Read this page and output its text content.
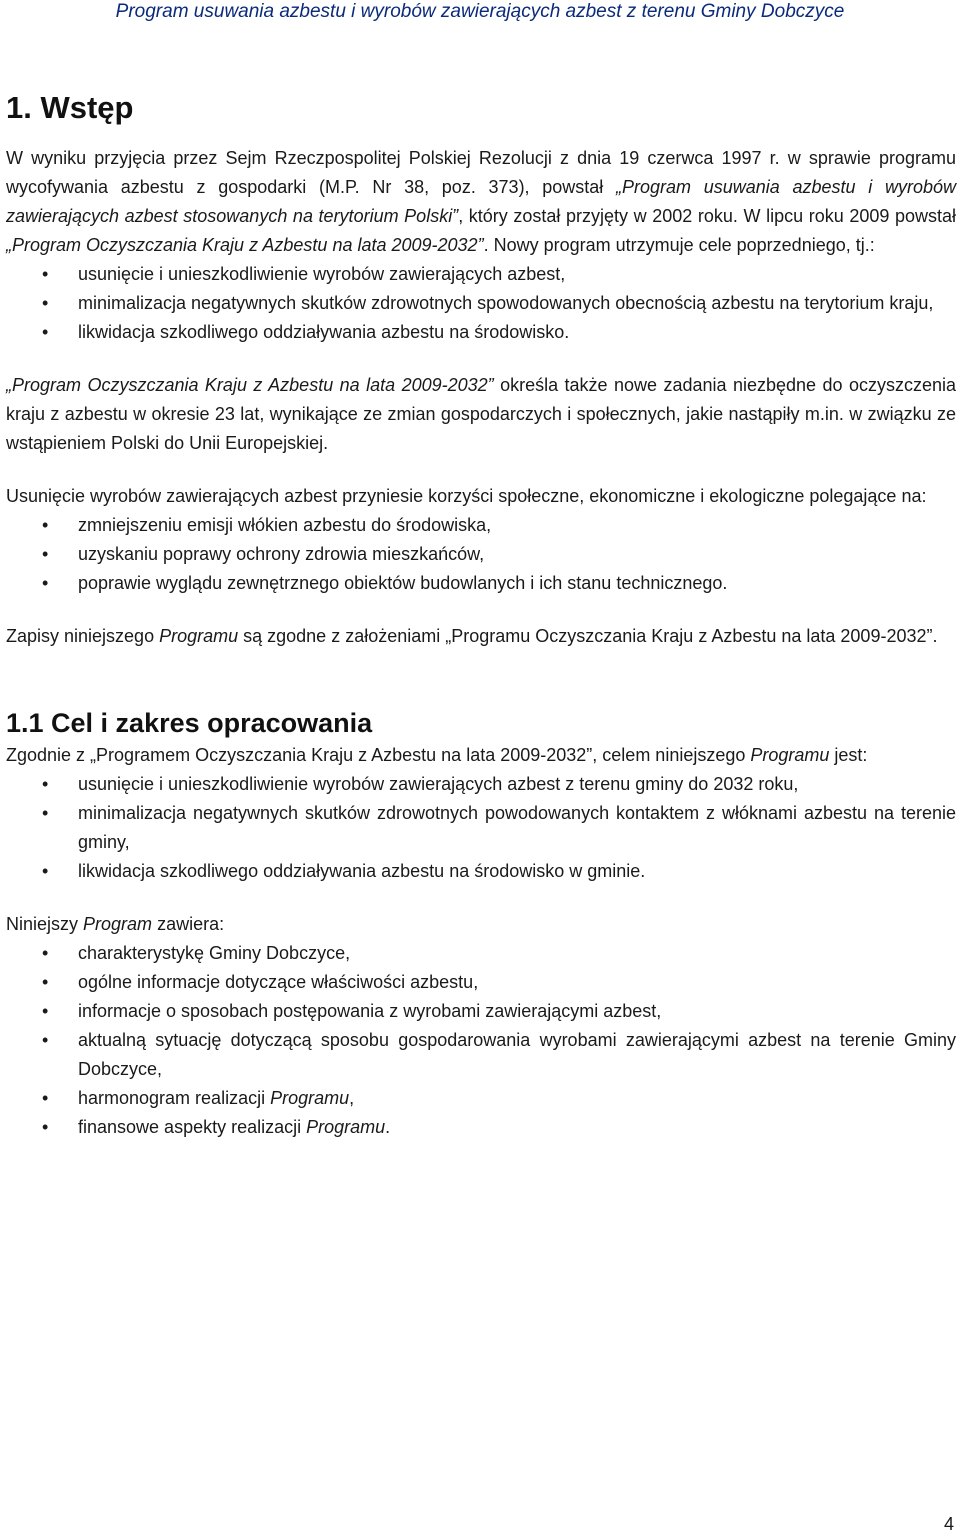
Program usuwania azbestu i wyrobów zawierających azbest z terenu Gminy Dobczyce
1. Wstęp

W wyniku przyjęcia przez Sejm Rzeczpospolitej Polskiej Rezolucji z dnia 19 czerwca 1997 r. w sprawie programu wycofywania azbestu z gospodarki (M.P. Nr 38, poz. 373), powstał „Program usuwania azbestu i wyrobów zawierających azbest stosowanych na terytorium Polski”, który został przyjęty w 2002 roku. W lipcu roku 2009 powstał „Program Oczyszczania Kraju z Azbestu na lata 2009-2032”. Nowy program utrzymuje cele poprzedniego, tj.:

• usunięcie i unieszkodliwienie wyrobów zawierających azbest,
• minimalizacja negatywnych skutków zdrowotnych spowodowanych obecnością azbestu na terytorium kraju,
• likwidacja szkodliwego oddziaływania azbestu na środowisko.

„Program Oczyszczania Kraju z Azbestu na lata 2009-2032” określa także nowe zadania niezbędne do oczyszczenia kraju z azbestu w okresie 23 lat, wynikające ze zmian gospodarczych i społecznych, jakie nastąpiły m.in. w związku ze wstąpieniem Polski do Unii Europejskiej.

Usunięcie wyrobów zawierających azbest przyniesie korzyści społeczne, ekonomiczne i ekologiczne polegające na:

• zmniejszeniu emisji włókien azbestu do środowiska,
• uzyskaniu poprawy ochrony zdrowia mieszkańców,
• poprawie wyglądu zewnętrznego obiektów budowlanych i ich stanu technicznego.

Zapisy niniejszego Programu są zgodne z założeniami „Programu Oczyszczania Kraju z Azbestu na lata 2009-2032”.

1.1 Cel i zakres opracowania

Zgodnie z „Programem Oczyszczania Kraju z Azbestu na lata 2009-2032”, celem niniejszego Programu jest:

• usunięcie i unieszkodliwienie wyrobów zawierających azbest z terenu gminy do 2032 roku,
• minimalizacja negatywnych skutków zdrowotnych powodowanych kontaktem z włóknami azbestu na terenie gminy,
• likwidacja szkodliwego oddziaływania azbestu na środowisko w gminie.

Niniejszy Program zawiera:

• charakterystykę Gminy Dobczyce,
• ogólne informacje dotyczące właściwości azbestu,
• informacje o sposobach postępowania z wyrobami zawierającymi azbest,
• aktualną sytuację dotyczącą sposobu gospodarowania wyrobami zawierającymi azbest na terenie Gminy Dobczyce,
• harmonogram realizacji Programu,
• finansowe aspekty realizacji Programu.
4
